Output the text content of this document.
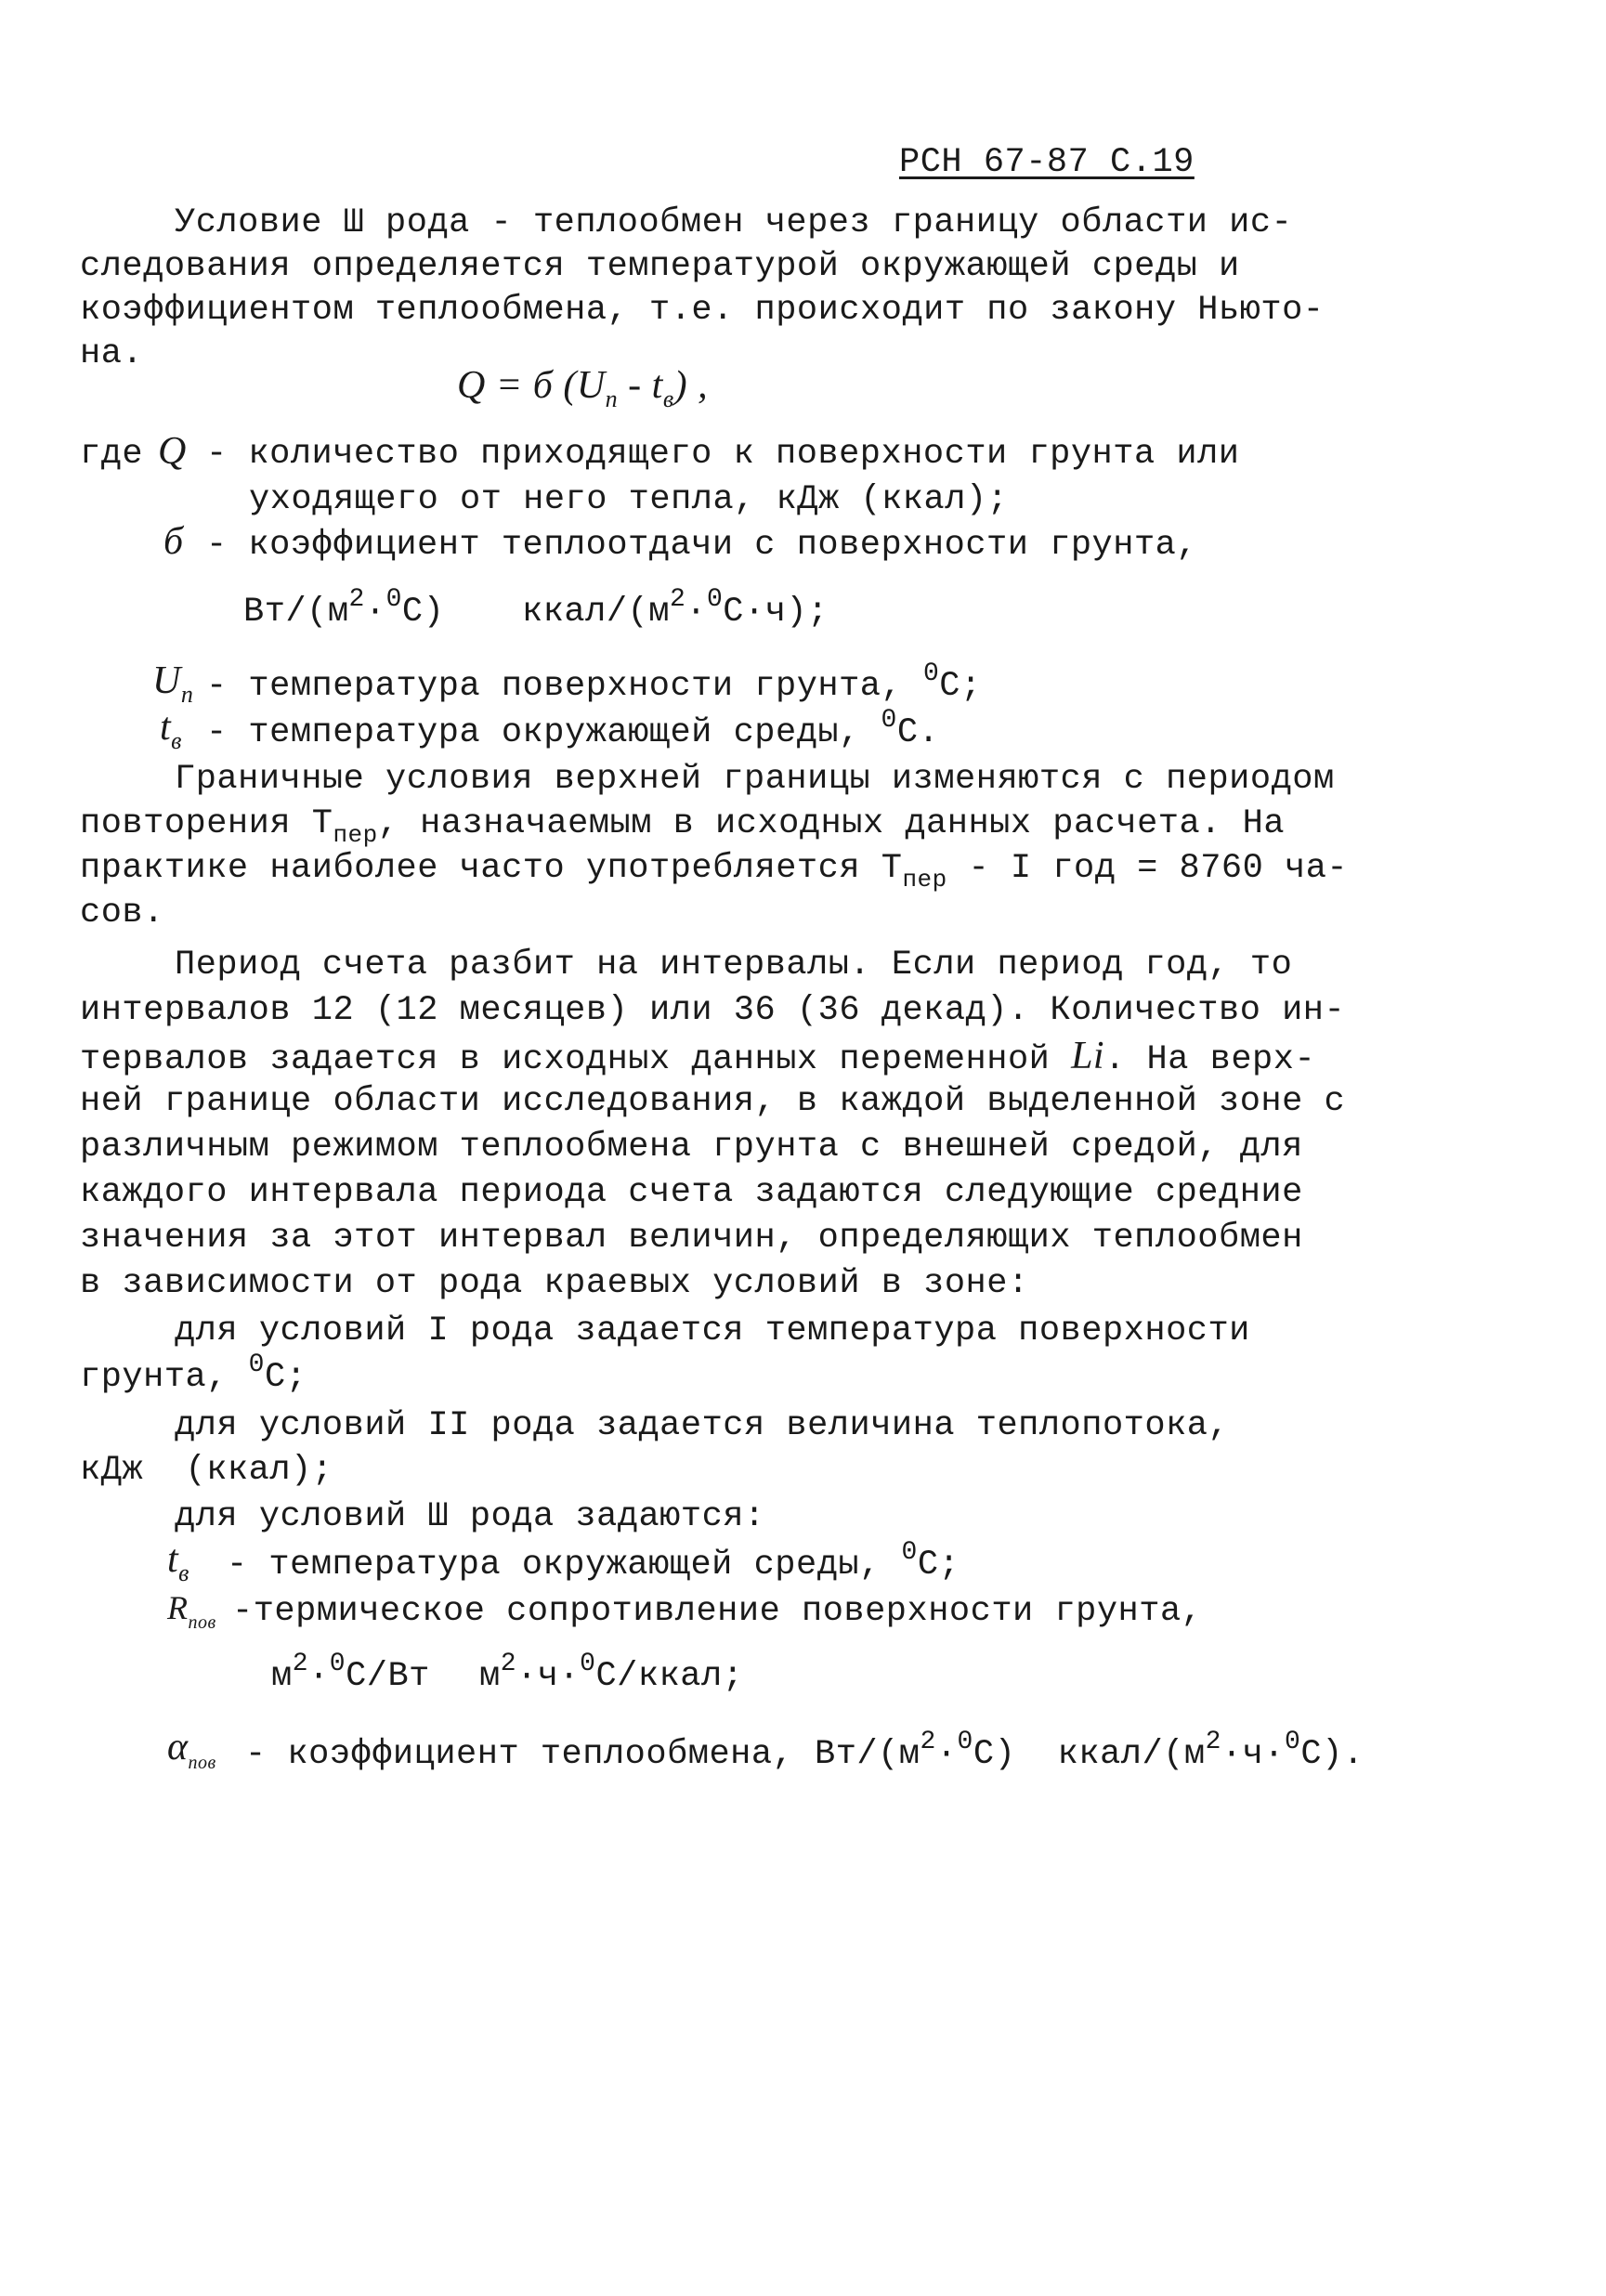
РСН 67-87 С.19
Условие Ш рода - теплообмен через границу области ис-
следования определяется температурой окружающей среды и
коэффициентом теплообмена, т.е. происходит по закону Ньюто-
на.
Q = б $(U_п - t_в)$ ,
где Q - количество приходящего к поверхности грунта или
уходящего от него тепла, кДж (ккал);
б - коэффициент теплоотдачи с поверхности грунта,
$Вт/(м^2\cdot^0С)$ ккал/$(м^2\cdot^0С\cdot ч)$;
$U_п$ - температура поверхности грунта, $^0$С;
$t_в$ - температура окружающей среды, $^0$С.
Граничные условия верхней границы изменяются с периодом
повторения $Т_{пер}$, назначаемым в исходных данных расчета. На
практике наиболее часто употребляется $Т_{пер}$ - I год = 8760 ча-
сов.
Период счета разбит на интервалы. Если период год, то
интервалов 12 (12 месяцев) или 36 (36 декад). Количество ин-
тервалов задается в исходных данных переменной Li. На верх-
ней границе области исследования, в каждой выделенной зоне с
различным режимом теплообмена грунта с внешней средой, для
каждого интервала периода счета задаются следующие средние
значения за этот интервал величин, определяющих теплообмен
в зависимости от рода краевых условий в зоне:
для условий I рода задается температура поверхности
грунта, $^0$С;
для условий II рода задается величина теплопотока,
кДж  (ккал);
для условий Ш рода задаются:
$t_в$ - температура окружающей среды, $^0$С;
$R_{пов}$ -термическое сопротивление поверхности грунта,
$м^2\cdot^0С/Вт$ $м^2\cdot ч\cdot^0С$/ккал;
$\alpha_{пов}$ - коэффициент теплообмена, $Вт/(м^2\cdot^0С)$  ккал/$(м^2\cdot ч\cdot^0С)$.
